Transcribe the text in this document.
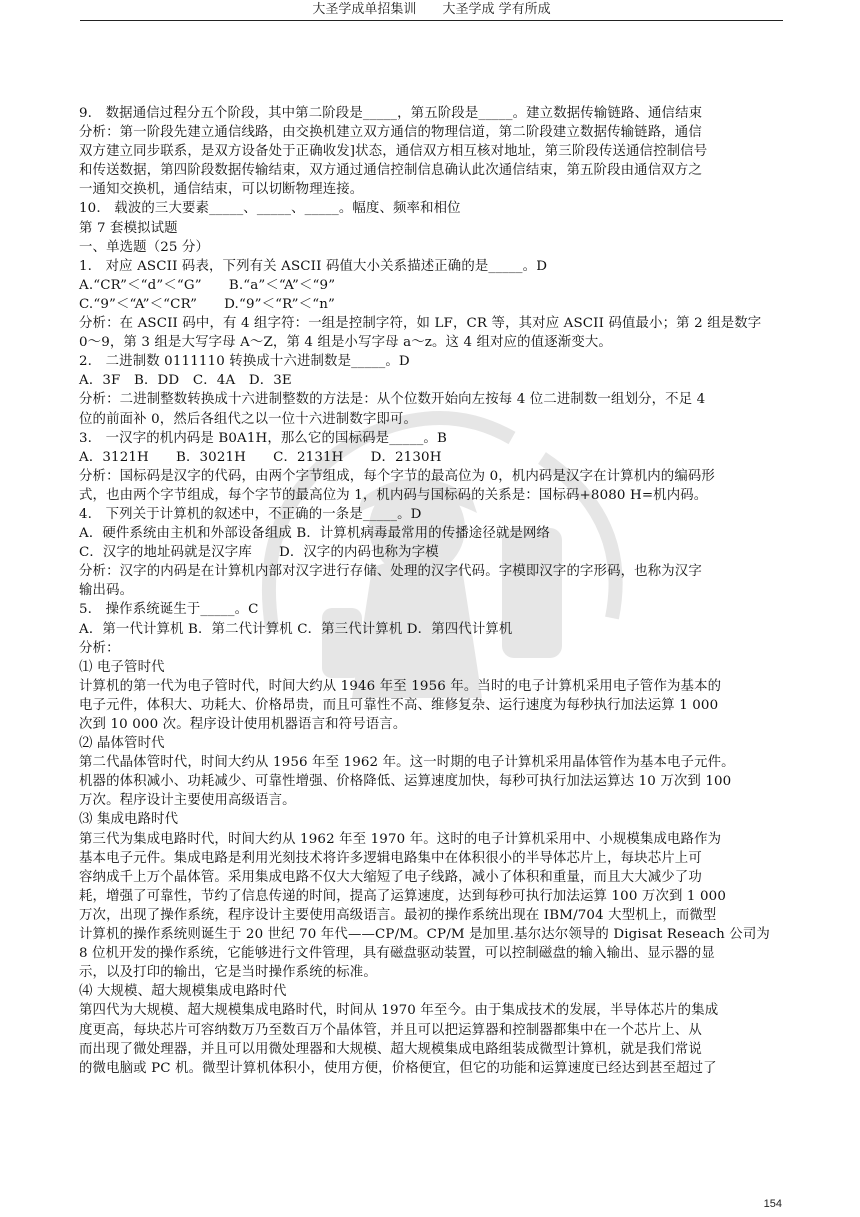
大圣学成单招集训 大圣学成 学有所成

9.　数据通信过程分五个阶段，其中第二阶段是_____，第五阶段是_____。建立数据传输链路、通信结束

分析：第一阶段先建立通信线路，由交换机建立双方通信的物理信道，第二阶段建立数据传输链路，通信

双方建立同步联系，是双方设备处于正确收发]状态，通信双方相互核对地址，第三阶段传送通信控制信号

和传送数据，第四阶段数据传输结束，双方通过通信控制信息确认此次通信结束，第五阶段由通信双方之

一通知交换机，通信结束，可以切断物理连接。

10.　载波的三大要素_____、_____、_____。幅度、频率和相位

第 7 套模拟试题

一、单选题（25 分）

1.　对应 ASCII 码表，下列有关 ASCII 码值大小关系描述正确的是_____。D

A.“CR”＜“d”＜“G”　　B.“a”＜“A”＜“9”

C.“9”＜“A”＜“CR”　　D.“9”＜“R”＜“n”

分析：在 ASCII 码中，有 4 组字符：一组是控制字符，如 LF，CR 等，其对应 ASCII 码值最小；第 2 组是数字

0～9，第 3 组是大写字母 A～Z，第 4 组是小写字母 a～z。这 4 组对应的值逐渐变大。

2.　二进制数 0111110 转换成十六进制数是_____。D

A．3F　B．DD　C．4A　D．3E

分析：二进制整数转换成十六进制整数的方法是：从个位数开始向左按每 4 位二进制数一组划分，不足 4

位的前面补 0，然后各组代之以一位十六进制数字即可。

3.　一汉字的机内码是 B0A1H，那么它的国标码是_____。B

A．3121H　　B．3021H　　C．2131H　　D．2130H

分析：国标码是汉字的代码，由两个字节组成，每个字节的最高位为 0，机内码是汉字在计算机内的编码形

式，也由两个字节组成，每个字节的最高位为 1，机内码与国标码的关系是：国标码+8080 H=机内码。

4.　下列关于计算机的叙述中，不正确的一条是_____。D

A．硬件系统由主机和外部设备组成 B．计算机病毒最常用的传播途径就是网络

C．汉字的地址码就是汉字库　　D．汉字的内码也称为字模

分析：汉字的内码是在计算机内部对汉字进行存储、处理的汉字代码。字模即汉字的字形码，也称为汉字

输出码。

5.　操作系统诞生于_____。C

A．第一代计算机 B．第二代计算机 C．第三代计算机 D．第四代计算机

分析：

⑴ 电子管时代

计算机的第一代为电子管时代，时间大约从 1946 年至 1956 年。当时的电子计算机采用电子管作为基本的

电子元件，体积大、功耗大、价格昂贵，而且可靠性不高、维修复杂、运行速度为每秒执行加法运算 1 000

次到 10 000 次。程序设计使用机器语言和符号语言。

⑵ 晶体管时代

第二代晶体管时代，时间大约从 1956 年至 1962 年。这一时期的电子计算机采用晶体管作为基本电子元件。

机器的体积减小、功耗减少、可靠性增强、价格降低、运算速度加快，每秒可执行加法运算达 10 万次到 100

万次。程序设计主要使用高级语言。

⑶ 集成电路时代

第三代为集成电路时代，时间大约从 1962 年至 1970 年。这时的电子计算机采用中、小规模集成电路作为

基本电子元件。集成电路是利用光刻技术将许多逻辑电路集中在体积很小的半导体芯片上，每块芯片上可

容纳成千上万个晶体管。采用集成电路不仅大大缩短了电子线路，减小了体积和重量，而且大大减少了功

耗，增强了可靠性，节约了信息传递的时间，提高了运算速度，达到每秒可执行加法运算 100 万次到 1 000

万次，出现了操作系统，程序设计主要使用高级语言。最初的操作系统出现在 IBM/704 大型机上，而微型

计算机的操作系统则诞生于 20 世纪 70 年代——CP/M。CP/M 是加里.基尔达尔领导的 Digisat Reseach 公司为

8 位机开发的操作系统，它能够进行文件管理，具有磁盘驱动装置，可以控制磁盘的输入输出、显示器的显

示，以及打印的输出，它是当时操作系统的标准。

⑷ 大规模、超大规模集成电路时代

第四代为大规模、超大规模集成电路时代，时间从 1970 年至今。由于集成技术的发展，半导体芯片的集成

度更高，每块芯片可容纳数万乃至数百万个晶体管，并且可以把运算器和控制器都集中在一个芯片上、从

而出现了微处理器，并且可以用微处理器和大规模、超大规模集成电路组装成微型计算机，就是我们常说

的微电脑或 PC 机。微型计算机体积小，使用方便，价格便宜，但它的功能和运算速度已经达到甚至超过了

154
